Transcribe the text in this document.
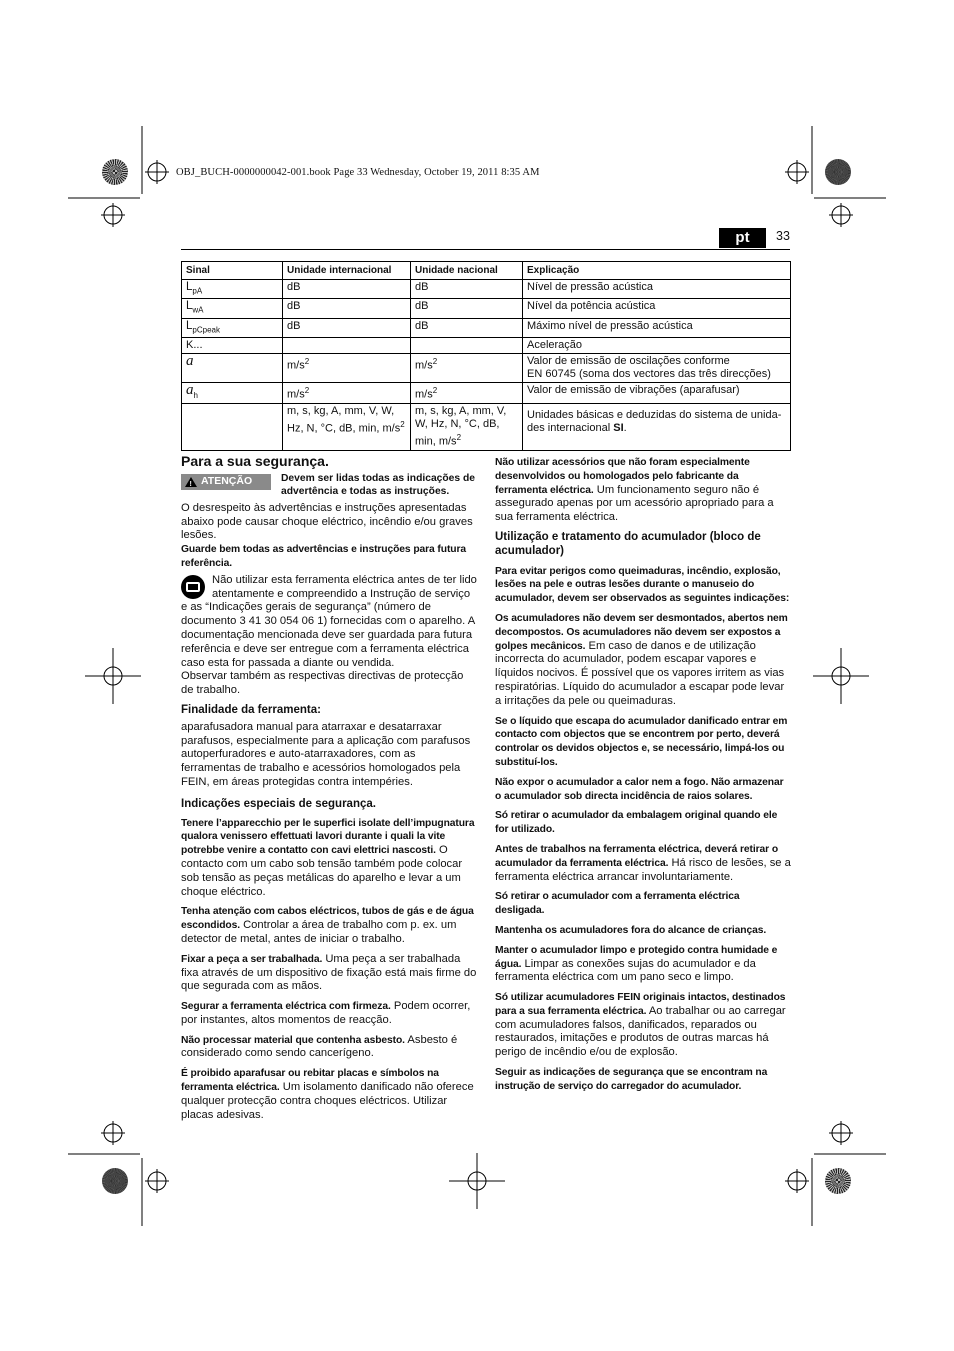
OBJ_BUCH-0000000042-001.book Page 33 Wednesday, October 19, 2011 8:35 AM
pt	33
Sinal	Unidade internacional	Unidade nacional	Explicação
$L_{pA}$	dB	dB	Nível de pressão acústica
$L_{wA}$	dB	dB	Nível da potência acústica
$L_{pCpeak}$	dB	dB	Máximo nível de pressão acústica
K...			Aceleração
a	$m/s^2$	$m/s^2$	Valor de emissão de oscilações conforme
EN 60745 (soma dos vectores das três direcções)
$a_h$	$m/s^2$	$m/s^2$	Valor de emissão de vibrações (aparafusar)
	m, s, kg, A, mm, V, W, Hz, N, °C, dB, min, $m/s^2$	m, s, kg, A, mm, V, W, Hz, N, °C, dB, min, $m/s^2$	Unidades básicas e deduzidas do sistema de unida-des internacional SI.
Para a sua segurança.
!
ATENÇÃO	Devem ser lidas todas as indicações de advertência e todas as instruções.

O desrespeito às advertências e instruções apresentadas abaixo pode causar choque eléctrico, incêndio e/ou graves lesões.

Guarde bem todas as advertências e instruções para futura referência.

Não utilizar esta ferramenta eléctrica antes de ter lido atentamente e compreendido a Instrução de serviço e as “Indicações gerais de segurança” (número de documento 3 41 30 054 06 1) fornecidas com o aparelho. A documentação mencionada deve ser guardada para futura referência e deve ser entregue com a ferramenta eléctrica caso esta for passada a diante ou vendida.

Observar também as respectivas directivas de protecção de trabalho.

Finalidade da ferramenta:

aparafusadora manual para atarraxar e desatarraxar parafusos, especialmente para a aplicação com parafusos autoperfuradores e auto-atarraxadores, com as ferramentas de trabalho e acessórios homologados pela FEIN, em áreas protegidas contra intempéries.

Indicações especiais de segurança.

Tenere l’apparecchio per le superfici isolate dell’impugnatura qualora venissero effettuati lavori durante i quali la vite potrebbe venire a contatto con cavi elettrici nascosti. O contacto com um cabo sob tensão também pode colocar sob tensão as peças metálicas do aparelho e levar a um choque eléctrico.

Tenha atenção com cabos eléctricos, tubos de gás e de água escondidos. Controlar a área de trabalho com p. ex. um detector de metal, antes de iniciar o trabalho.

Fixar a peça a ser trabalhada. Uma peça a ser trabalhada fixa através de um dispositivo de fixação está mais firme do que segurada com as mãos.

Segurar a ferramenta eléctrica com firmeza. Podem ocorrer, por instantes, altos momentos de reacção.

Não processar material que contenha asbesto. Asbesto é considerado como sendo cancerígeno.

É proibido aparafusar ou rebitar placas e símbolos na ferramenta eléctrica. Um isolamento danificado não oferece qualquer protecção contra choques eléctricos. Utilizar placas adesivas.

Não utilizar acessórios que não foram especialmente desenvolvidos ou homologados pelo fabricante da ferramenta eléctrica. Um funcionamento seguro não é assegurado apenas por um acessório apropriado para a sua ferramenta eléctrica.

Utilização e tratamento do acumulador (bloco de acumulador)

Para evitar perigos como queimaduras, incêndio, explosão, lesões na pele e outras lesões durante o manuseio do acumulador, devem ser observados as seguintes indicações:

Os acumuladores não devem ser desmontados, abertos nem decompostos. Os acumuladores não devem ser expostos a golpes mecânicos. Em caso de danos e de utilização incorrecta do acumulador, podem escapar vapores e líquidos nocivos. É possível que os vapores irritem as vias respiratórias. Líquido do acumulador a escapar pode levar a irritações da pele ou queimaduras.

Se o líquido que escapa do acumulador danificado entrar em contacto com objectos que se encontrem por perto, deverá controlar os devidos objectos e, se necessário, limpá-los ou substituí-los.

Não expor o acumulador a calor nem a fogo. Não armazenar o acumulador sob directa incidência de raios solares.

Só retirar o acumulador da embalagem original quando ele for utilizado.

Antes de trabalhos na ferramenta eléctrica, deverá retirar o acumulador da ferramenta eléctrica. Há risco de lesões, se a ferramenta eléctrica arrancar involuntariamente.

Só retirar o acumulador com a ferramenta eléctrica desligada.

Mantenha os acumuladores fora do alcance de crianças.

Manter o acumulador limpo e protegido contra humidade e água. Limpar as conexões sujas do acumulador e da ferramenta eléctrica com um pano seco e limpo.

Só utilizar acumuladores FEIN originais intactos, destinados para a sua ferramenta eléctrica. Ao trabalhar ou ao carregar com acumuladores falsos, danificados, reparados ou restaurados, imitações e produtos de outras marcas há perigo de incêndio e/ou de explosão.

Seguir as indicações de segurança que se encontram na instrução de serviço do carregador do acumulador.
